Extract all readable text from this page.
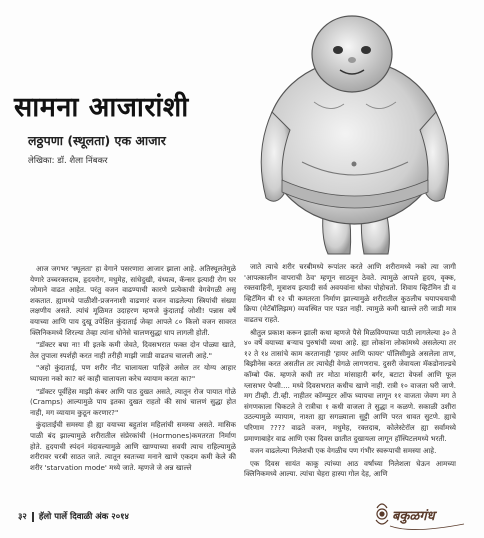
सामना आजारांशी
लठ्ठपणा (स्थूलता) एक आजार
लेखिका: डॉ. शैला निंबकर

आज जगभर 'स्थूलता' हा वेगाने पसरणारा आजार झाला आहे. अतिस्थूलतेमुळे येणारे उच्चरक्तदाब, हृदयरोग, मधुमेह, सांधेदुखी, वंध्यत्व, कॅन्सर इत्यादी रोग घर जोमाने वाढत आहेत. परंतु वजन वाढण्याची कारणे प्रत्येकाची वेगवेगळी असू शकतात. ह्यामध्ये पाळीशी-प्रजननाशी वाढणारं वजन वाढलेल्या स्त्रियांची संख्या लक्षणीय असते. त्यांचं मूळिमत उदाहरण म्हणजे कुंदाताई जोशी! पन्नास वर्षे वयाच्या आणि पाय दुखू उपेक्षित कुंदाताई जेव्हा आपले ८० किलो वजन सावरत क्लिनिकमध्ये शिरल्या तेव्हा त्यांना धोनेसे चालणसुद्धा धाप लागली होती.

"डॉक्टर बघा ना! मी इतके कमी जेवते, दिवसभरात फक्त दोन पोळ्या खाते, तेल तुपाला स्पर्शही करत नाही तरीही माझी जाडी वाढतच चालली आहे."

"अहो कुंदाताई, पण शरीर नीट चालायला पाहिजे असेल तर योग्य आहार घ्यायला नको का? बरं काही चालायला करेच व्यायाम करता का?"

"डॉक्टर पूर्वीहेस माझी कंबर आणि पाठ दुखत असते, त्यातून रोज पायात गोळे (Cramps) आल्यामुळे पाय इतका दुखत राहतो की साधं चालणं सुद्धा होत नाही, मग व्यायाम कुठून करणार?"

कुंदाताईंची समस्या ही ह्या वयाच्या बहुतांश महिलांची समस्या असते. मासिक पाळी बंद झाल्यामुळे शरीरातील संप्रेरकांची (Hormones)कमतरता निर्माण होते. हृदयाची स्पंदनं मंदावल्यामुळे आणि खाण्याच्या सवयी त्याच राहिल्यामुळे शरीरावर चरबी साठत जाते. त्यातून स्वतःच्या मनाने खाणे एकदम कमी केले की शरीर 'starvation mode' मध्ये जाते. म्हणजे जे अन्न खाल्ले

जाते त्याचे शरीर चरबीमध्ये रूपांतर करते आणि शरीरामध्ये नको त्या जागी 'आपत्कालीन वापराची ठेव' म्हणून साठवून ठेवते. त्यामुळे आपले हृदय, वृक्क, रक्तवाहिनी, मूत्राशय इत्यादी सर्व अवयवांना धोका पोहोचतो. शिवाय व्हिटॅमिन डी व व्हिटॅमिन बी १२ ची कमतरता निर्माण झाल्यामुळे शरीरातील कुठलीच चयापचयाची क्रिया (मेटॅबॉलिझम) व्यवस्थित पार पडत नाही. त्यामुळे कमी खाल्ले तरी जाडी मात्र वाढतच राहते.

श्रीतुल प्रकाश करून झाली कथा म्हणजे पैसे मिळविण्याच्या पाठी लागलेल्या ३० ते ४० वर्षे वयाच्या बऱ्याच पुरुषांची व्यथा आहे. ह्या लोकांना लोकांमध्ये असलेल्या तर १२ ते १४ तासांचे काम करतानाही 'हायर आणि फायर' पॉलिसीमुळे असलेला ताण, बिझीनेस करत असतील तर त्याचेही वेगळे लागणराच. दुसरी जेवायला मॅकडोनाल्डचे कॉम्बो पॅक. म्हणजे कधी तर मोठा मांसाहारी बर्गर, बटाटा वेफर्स आणि फूल ग्लासभर पेप्सी.... मध्ये दिवसभरात कधीच खाणे नाही. रात्री १० वाजता घरी जाणे. मग टीव्ही. टी.व्ही. नाहीतर कॉम्प्युटर ऑफ घ्यायचा लागून ११ वाजता जेवण मग ते संगणकाला चिकटले ते रात्रीचा १ कधी वाजला ते सुद्धा न कळणे. सकाळी उशीरा उठल्यामुळे व्यायाम, नाश्ता ह्या सगळ्याला सुट्टी आणि परत धावत सुटणे. ह्याचे परिणाम ???? वाढते वजन, मधुमेह, रक्तदाब, कोलेस्टेरॉल ह्या सर्वांमध्ये प्रमाणाबाहेर वाढ आणि एका दिवस छातीत दुखायला लागून हॉस्पिटलमध्ये भरती.

वजन वाढलेल्या निलेशची एक वेगळीच पण गंभीर स्वरूपाची समस्या आहे.

एक दिवस सायंत काकू त्यांच्या आठ वर्षांच्या निलेशला घेऊन आमच्या क्लिनिकमध्ये आल्या. त्यांचा चेहरा हास्या गोल देह, आणि

३२ हॅलो पार्ले दिवाळी अंक २०१४	बकुळगंध
